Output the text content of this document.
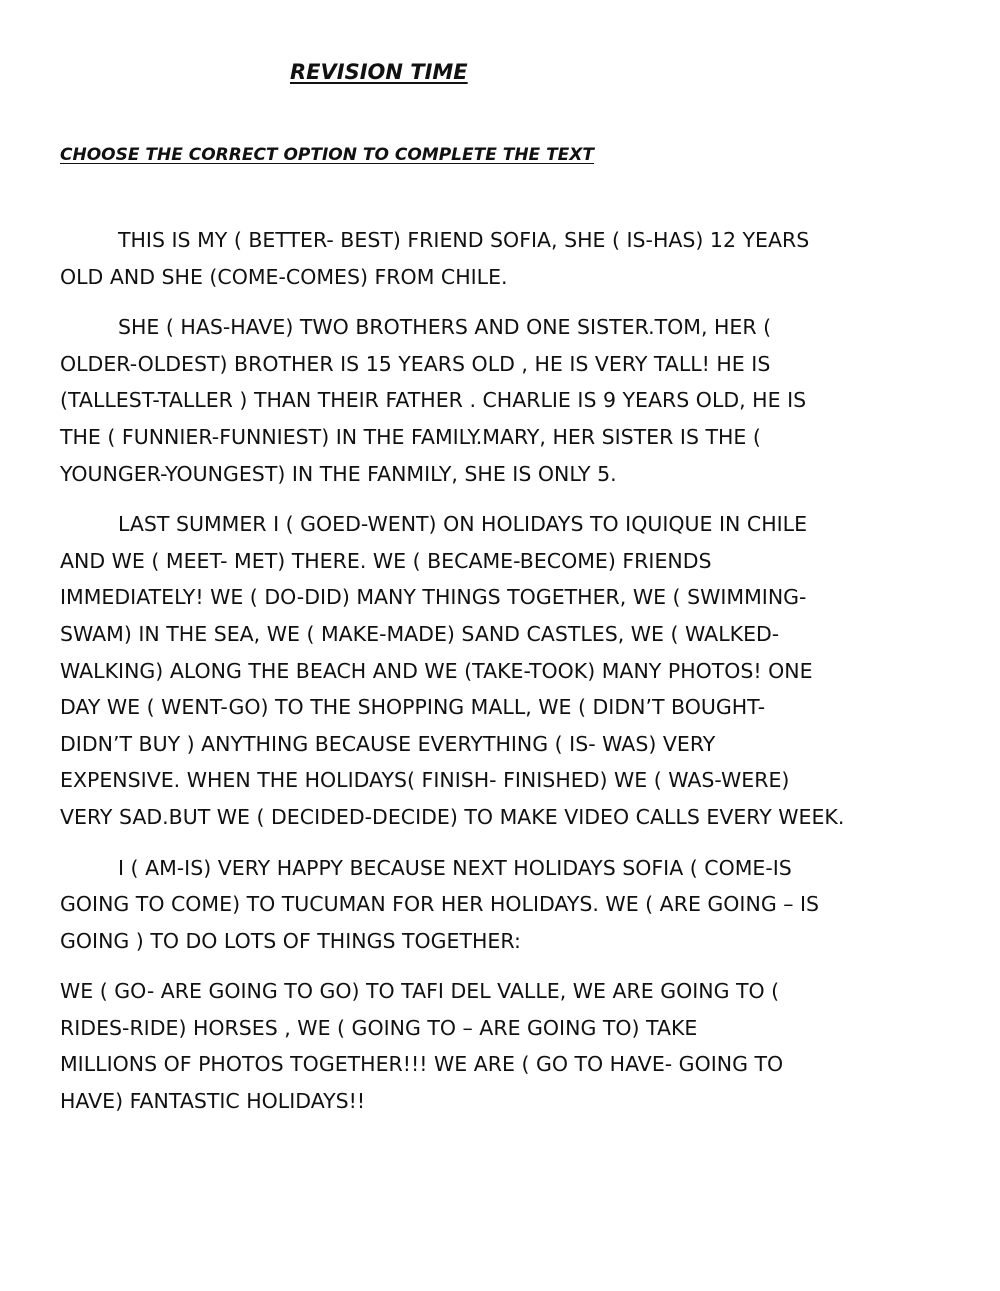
REVISION TIME
CHOOSE THE CORRECT OPTION TO COMPLETE THE TEXT

THIS IS MY ( BETTER- BEST) FRIEND SOFIA, SHE ( IS-HAS) 12 YEARS
OLD AND SHE (COME-COMES) FROM CHILE.

SHE ( HAS-HAVE) TWO BROTHERS AND ONE SISTER.TOM, HER (
OLDER-OLDEST) BROTHER IS 15 YEARS OLD , HE IS VERY TALL! HE IS
(TALLEST-TALLER ) THAN THEIR FATHER . CHARLIE IS 9 YEARS OLD, HE IS
THE ( FUNNIER-FUNNIEST) IN THE FAMILY.MARY, HER SISTER IS THE (
YOUNGER-YOUNGEST) IN THE FANMILY, SHE IS ONLY 5.

LAST SUMMER I ( GOED-WENT) ON HOLIDAYS TO IQUIQUE IN CHILE
AND WE ( MEET- MET) THERE. WE ( BECAME-BECOME) FRIENDS
IMMEDIATELY! WE ( DO-DID) MANY THINGS TOGETHER, WE ( SWIMMING-
SWAM) IN THE SEA, WE ( MAKE-MADE) SAND CASTLES, WE ( WALKED-
WALKING) ALONG THE BEACH AND WE (TAKE-TOOK) MANY PHOTOS! ONE
DAY WE ( WENT-GO) TO THE SHOPPING MALL, WE ( DIDN’T BOUGHT-
DIDN’T BUY ) ANYTHING BECAUSE EVERYTHING ( IS- WAS) VERY
EXPENSIVE. WHEN THE HOLIDAYS( FINISH- FINISHED) WE ( WAS-WERE)
VERY SAD.BUT WE ( DECIDED-DECIDE) TO MAKE VIDEO CALLS EVERY WEEK.

I ( AM-IS) VERY HAPPY BECAUSE NEXT HOLIDAYS SOFIA ( COME-IS
GOING TO COME) TO TUCUMAN FOR HER HOLIDAYS. WE ( ARE GOING – IS
GOING ) TO DO LOTS OF THINGS TOGETHER:

WE ( GO- ARE GOING TO GO) TO TAFI DEL VALLE, WE ARE GOING TO (
RIDES-RIDE) HORSES , WE ( GOING TO – ARE GOING TO) TAKE
MILLIONS OF PHOTOS TOGETHER!!! WE ARE ( GO TO HAVE- GOING TO
HAVE) FANTASTIC HOLIDAYS!!
